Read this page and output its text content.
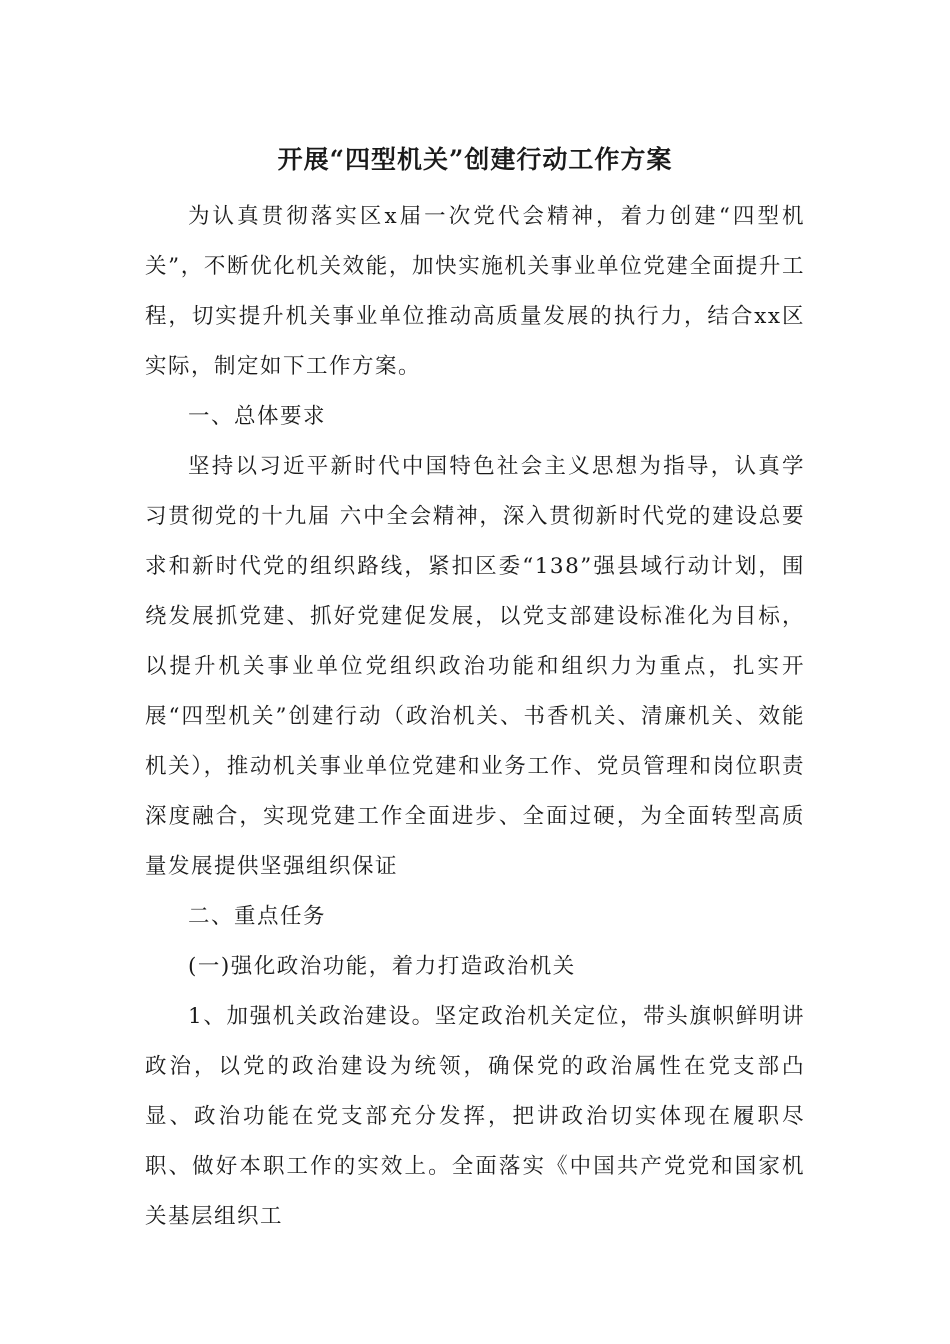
开展“四型机关”创建行动工作方案

为认真贯彻落实区x届一次党代会精神，着力创建“四型机关”，不断优化机关效能，加快实施机关事业单位党建全面提升工程，切实提升机关事业单位推动高质量发展的执行力，结合xx区实际，制定如下工作方案。

一、总体要求

坚持以习近平新时代中国特色社会主义思想为指导，认真学习贯彻党的十九届 六中全会精神，深入贯彻新时代党的建设总要求和新时代党的组织路线，紧扣区委“138”强县域行动计划，围绕发展抓党建、抓好党建促发展，以党支部建设标准化为目标，以提升机关事业单位党组织政治功能和组织力为重点，扎实开展“四型机关”创建行动（政治机关、书香机关、清廉机关、效能机关），推动机关事业单位党建和业务工作、党员管理和岗位职责深度融合，实现党建工作全面进步、全面过硬，为全面转型高质量发展提供坚强组织保证

二、重点任务

(一)强化政治功能，着力打造政治机关

1、加强机关政治建设。坚定政治机关定位，带头旗帜鲜明讲政治，以党的政治建设为统领，确保党的政治属性在党支部凸显、政治功能在党支部充分发挥，把讲政治切实体现在履职尽职、做好本职工作的实效上。全面落实《中国共产党党和国家机关基层组织工
